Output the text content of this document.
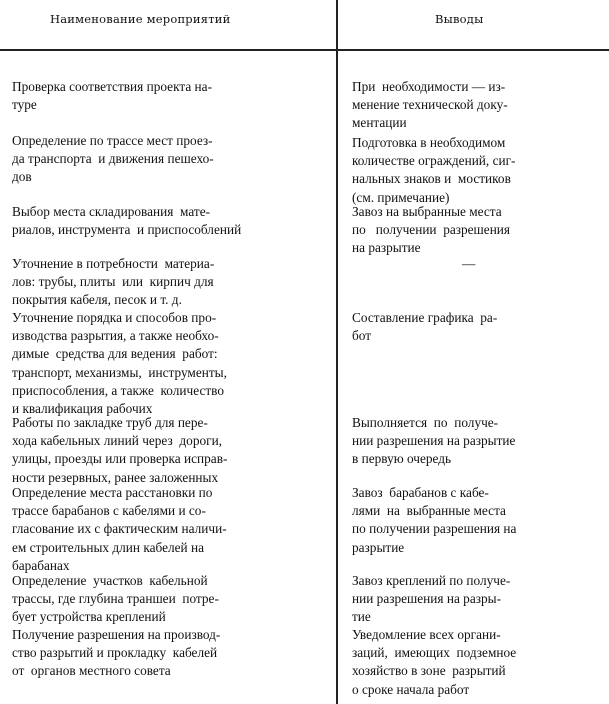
Наименование мероприятий	Выводы
Проверка соответствия проекта на-
туре
Определение по трассе мест проез-
да транспорта  и движения пешехо-
дов
Выбор места складирования  мате-
риалов, инструмента  и приспособлений
Уточнение в потребности  материа-
лов: трубы, плиты  или  кирпич для
покрытия кабеля, песок и т. д.
Уточнение порядка и способов про-
изводства разрытия, а также необхо-
димые  средства для ведения  работ:
транспорт, механизмы,  инструменты,
приспособления, а также  количество
и квалификация рабочих
Работы по закладке труб для пере-
хода кабельных линий через  дороги,
улицы, проезды или проверка исправ-
ности резервных, ранее заложенных
Определение места расстановки по
трассе барабанов с кабелями и со-
гласование их с фактическим наличи-
ем строительных длин кабелей на
барабанах
Определение  участков  кабельной
трассы, где глубина траншеи  потре-
бует устройства креплений
Получение разрешения на производ-
ство разрытий и прокладку  кабелей
от  органов местного совета
При  необходимости — из-
менение технической доку-
ментации
Подготовка в необходимом
количестве ограждений, сиг-
нальных знаков и  мостиков
(см. примечание)
Завоз на выбранные места
по   получении  разрешения
на разрытие
—
Составление графика  ра-
бот
Выполняется  по  получе-
нии разрешения на разрытие
в первую очередь
Завоз  барабанов с кабе-
лями  на  выбранные места
по получении разрешения на
разрытие
Завоз креплений по получе-
нии разрешения на разры-
тие
Уведомление всех органи-
заций,  имеющих  подземное
хозяйство в зоне  разрытий
о сроке начала работ
